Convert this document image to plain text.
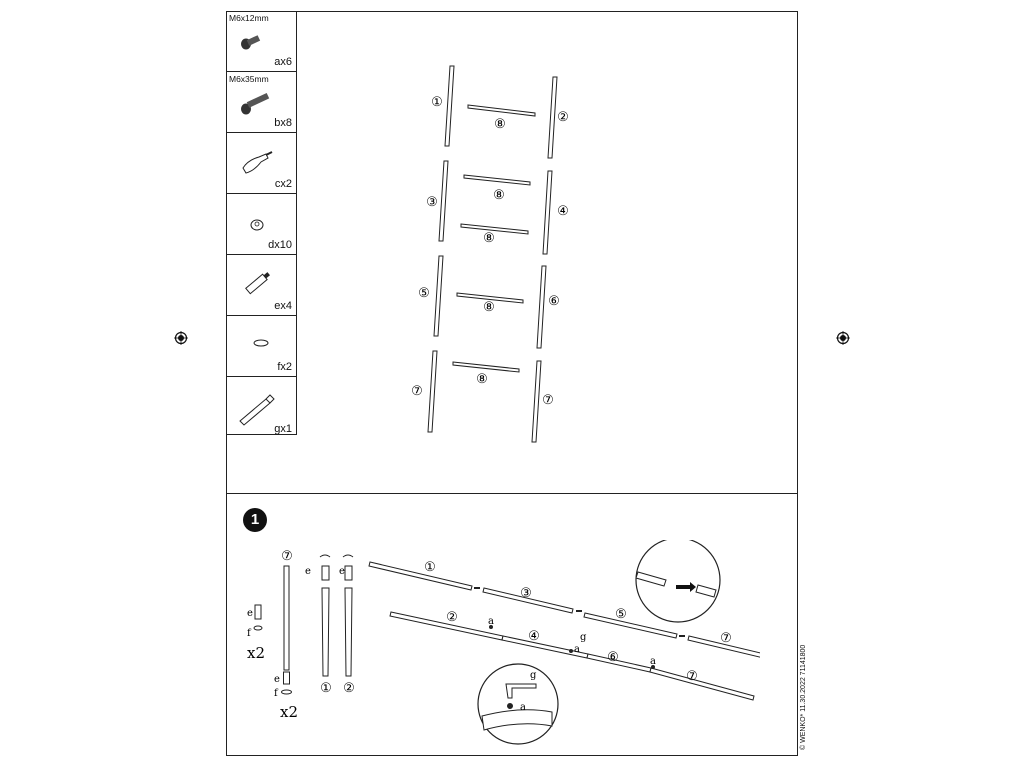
M6x12mm
ax6
M6x35mm
bx8
cx2
dx10
ex4
fx2
gx1
①
②
③
④
⑤
⑥
⑦
⑦
⑧
⑧
⑧
⑧
⑧
1
⑦
① ②
①
③
⑤
⑦
②
④
⑥
⑦
e
f
e
f
e	e
a
a
g
a
g
a
x2
x2	© WENKO* 11.30.2022 71141800
